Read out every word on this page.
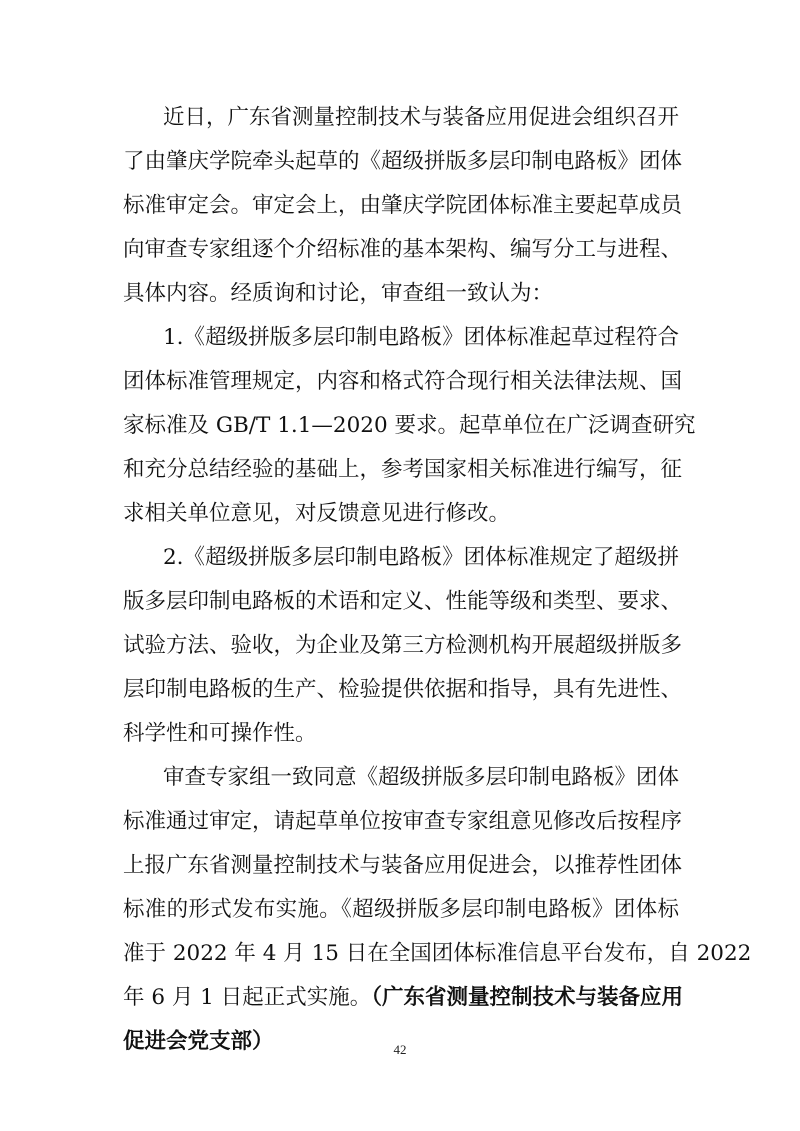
近日，广东省测量控制技术与装备应用促进会组织召开
了由肇庆学院牵头起草的《超级拼版多层印制电路板》团体
标准审定会。审定会上，由肇庆学院团体标准主要起草成员
向审查专家组逐个介绍标准的基本架构、编写分工与进程、
具体内容。经质询和讨论，审查组一致认为：
1.《超级拼版多层印制电路板》团体标准起草过程符合
团体标准管理规定，内容和格式符合现行相关法律法规、国
家标准及 GB/T 1.1—2020 要求。起草单位在广泛调查研究
和充分总结经验的基础上，参考国家相关标准进行编写，征
求相关单位意见，对反馈意见进行修改。
2.《超级拼版多层印制电路板》团体标准规定了超级拼
版多层印制电路板的术语和定义、性能等级和类型、要求、
试验方法、验收，为企业及第三方检测机构开展超级拼版多
层印制电路板的生产、检验提供依据和指导，具有先进性、
科学性和可操作性。
审查专家组一致同意《超级拼版多层印制电路板》团体
标准通过审定，请起草单位按审查专家组意见修改后按程序
上报广东省测量控制技术与装备应用促进会，以推荐性团体
标准的形式发布实施。《超级拼版多层印制电路板》团体标
准于 2022 年 4 月 15 日在全国团体标准信息平台发布，自 2022
年 6 月 1 日起正式实施。（广东省测量控制技术与装备应用
促进会党支部）	42
